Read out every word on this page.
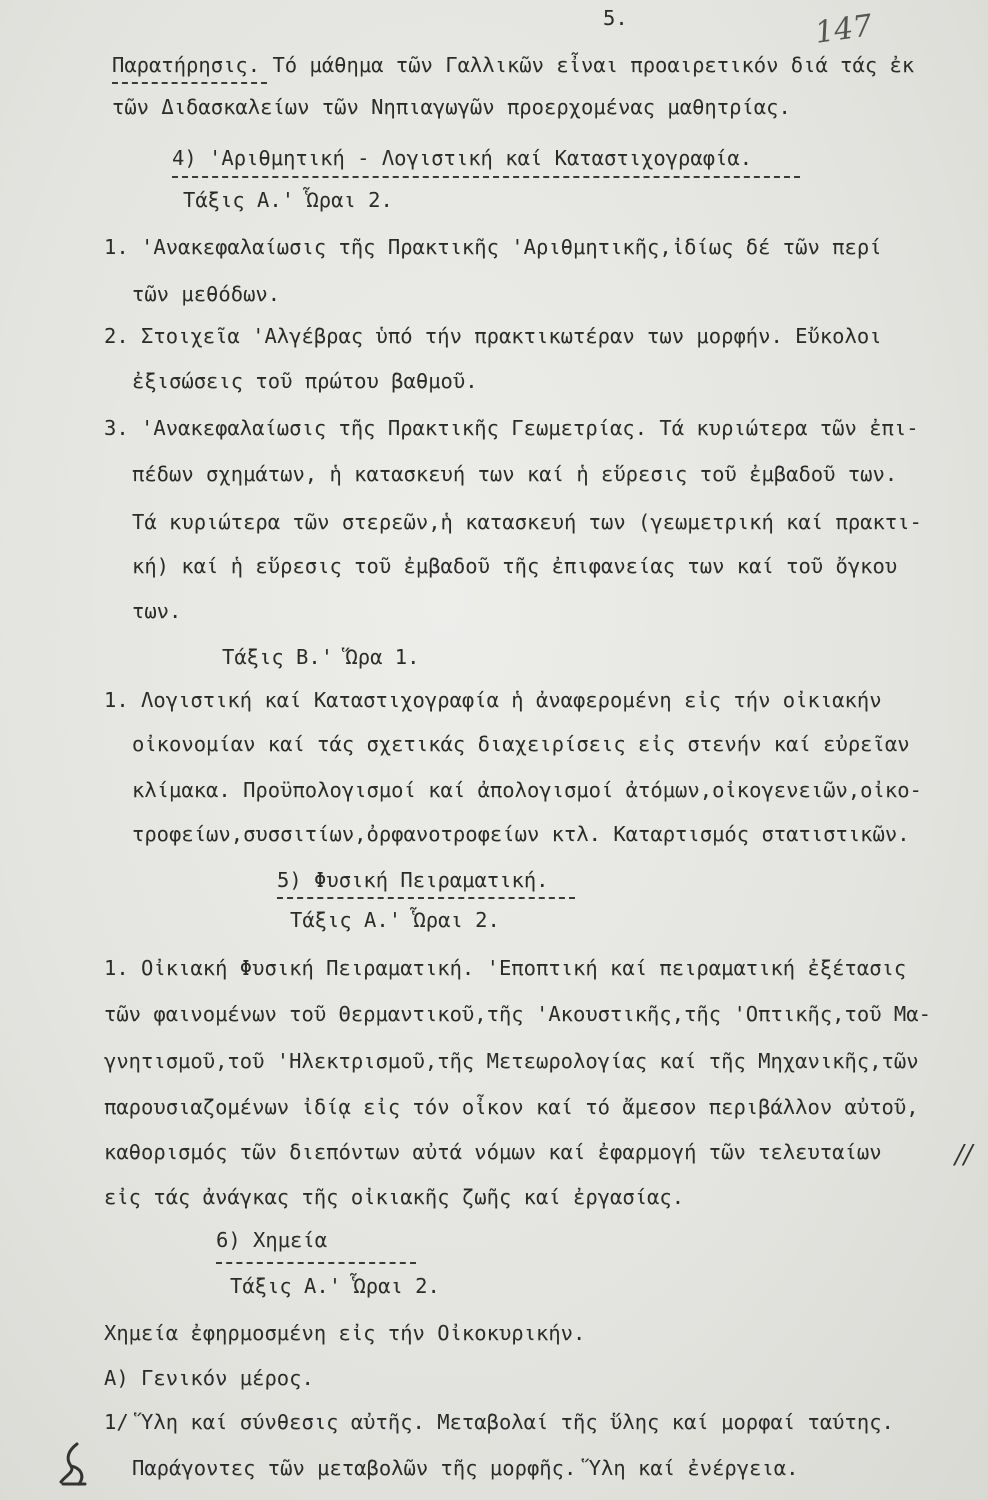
5.	147
Παρατήρησις. Τό μάθημα τῶν Γαλλικῶν εἶναι προαιρετικόν διά τάς ἐκ
τῶν Διδασκαλείων τῶν Νηπιαγωγῶν προερχομένας μαθητρίας.
4) 'Αριθμητική - Λογιστική καί Καταστιχογραφία.
Τάξις Α.' Ὧραι 2.
1. 'Ανακεφαλαίωσις τῆς Πρακτικῆς 'Αριθμητικῆς,ἰδίως δέ τῶν περί
τῶν μεθόδων.
2. Στοιχεῖα 'Αλγέβρας ὑπό τήν πρακτικωτέραν των μορφήν. Εὔκολοι
ἐξισώσεις τοῦ πρώτου βαθμοῦ.
3. 'Ανακεφαλαίωσις τῆς Πρακτικῆς Γεωμετρίας. Τά κυριώτερα τῶν ἐπι-
πέδων σχημάτων, ἡ κατασκευή των καί ἡ εὕρεσις τοῦ ἐμβαδοῦ των.
Τά κυριώτερα τῶν στερεῶν,ἡ κατασκευή των (γεωμετρική καί πρακτι-
κή) καί ἡ εὕρεσις τοῦ ἐμβαδοῦ τῆς ἐπιφανείας των καί τοῦ ὄγκου
των.
Τάξις Β.' Ὥρα 1.
1. Λογιστική καί Καταστιχογραφία ἡ ἀναφερομένη εἰς τήν οἰκιακήν
οἰκονομίαν καί τάς σχετικάς διαχειρίσεις εἰς στενήν καί εὐρεῖαν
κλίμακα. Προϋπολογισμοί καί ἀπολογισμοί ἀτόμων,οἰκογενειῶν,οἰκο-
τροφείων,συσσιτίων,ὀρφανοτροφείων κτλ. Καταρτισμός στατιστικῶν.
5) Φυσική Πειραματική.
Τάξις Α.' Ὧραι 2.
1. Οἰκιακή Φυσική Πειραματική. 'Εποπτική καί πειραματική ἐξέτασις
τῶν φαινομένων τοῦ Θερμαντικοῦ,τῆς 'Ακουστικῆς,τῆς 'Οπτικῆς,τοῦ Μα-
γνητισμοῦ,τοῦ 'Ηλεκτρισμοῦ,τῆς Μετεωρολογίας καί τῆς Μηχανικῆς,τῶν
παρουσιαζομένων ἰδίᾳ εἰς τόν οἶκον καί τό ἄμεσον περιβάλλον αὐτοῦ,
καθορισμός τῶν διεπόντων αὐτά νόμων καί ἐφαρμογή τῶν τελευταίων	//
εἰς τάς ἀνάγκας τῆς οἰκιακῆς ζωῆς καί ἐργασίας.
6) Χημεία
Τάξις Α.' Ὧραι 2.
Χημεία ἐφηρμοσμένη εἰς τήν Οἰκοκυρικήν.
Α) Γενικόν μέρος.
1/ Ὕλη καί σύνθεσις αὐτῆς. Μεταβολαί τῆς ὕλης καί μορφαί ταύτης.
Παράγοντες τῶν μεταβολῶν τῆς μορφῆς. Ὕλη καί ἐνέργεια.
